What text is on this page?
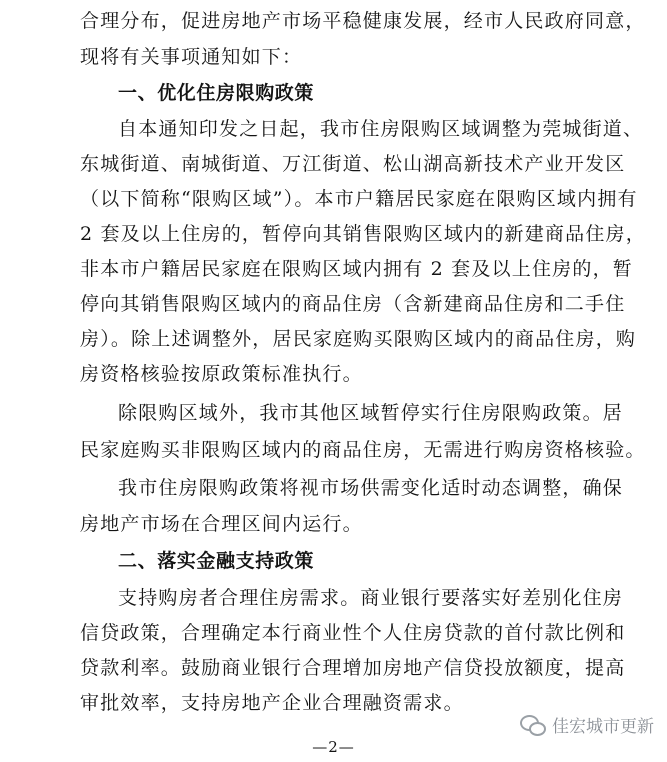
合理分布，促进房地产市场平稳健康发展，经市人民政府同意，
现将有关事项通知如下：
一、优化住房限购政策
自本通知印发之日起，我市住房限购区域调整为莞城街道、
东城街道、南城街道、万江街道、松山湖高新技术产业开发区
（以下简称“限购区域”）。本市户籍居民家庭在限购区域内拥有
2 套及以上住房的，暂停向其销售限购区域内的新建商品住房，
非本市户籍居民家庭在限购区域内拥有 2 套及以上住房的，暂
停向其销售限购区域内的商品住房（含新建商品住房和二手住
房）。除上述调整外，居民家庭购买限购区域内的商品住房，购
房资格核验按原政策标准执行。
除限购区域外，我市其他区域暂停实行住房限购政策。居
民家庭购买非限购区域内的商品住房，无需进行购房资格核验。
我市住房限购政策将视市场供需变化适时动态调整，确保
房地产市场在合理区间内运行。
二、落实金融支持政策
支持购房者合理住房需求。商业银行要落实好差别化住房
信贷政策，合理确定本行商业性个人住房贷款的首付款比例和
贷款利率。鼓励商业银行合理增加房地产信贷投放额度，提高
审批效率，支持房地产企业合理融资需求。
佳宏城市更新
—2—
